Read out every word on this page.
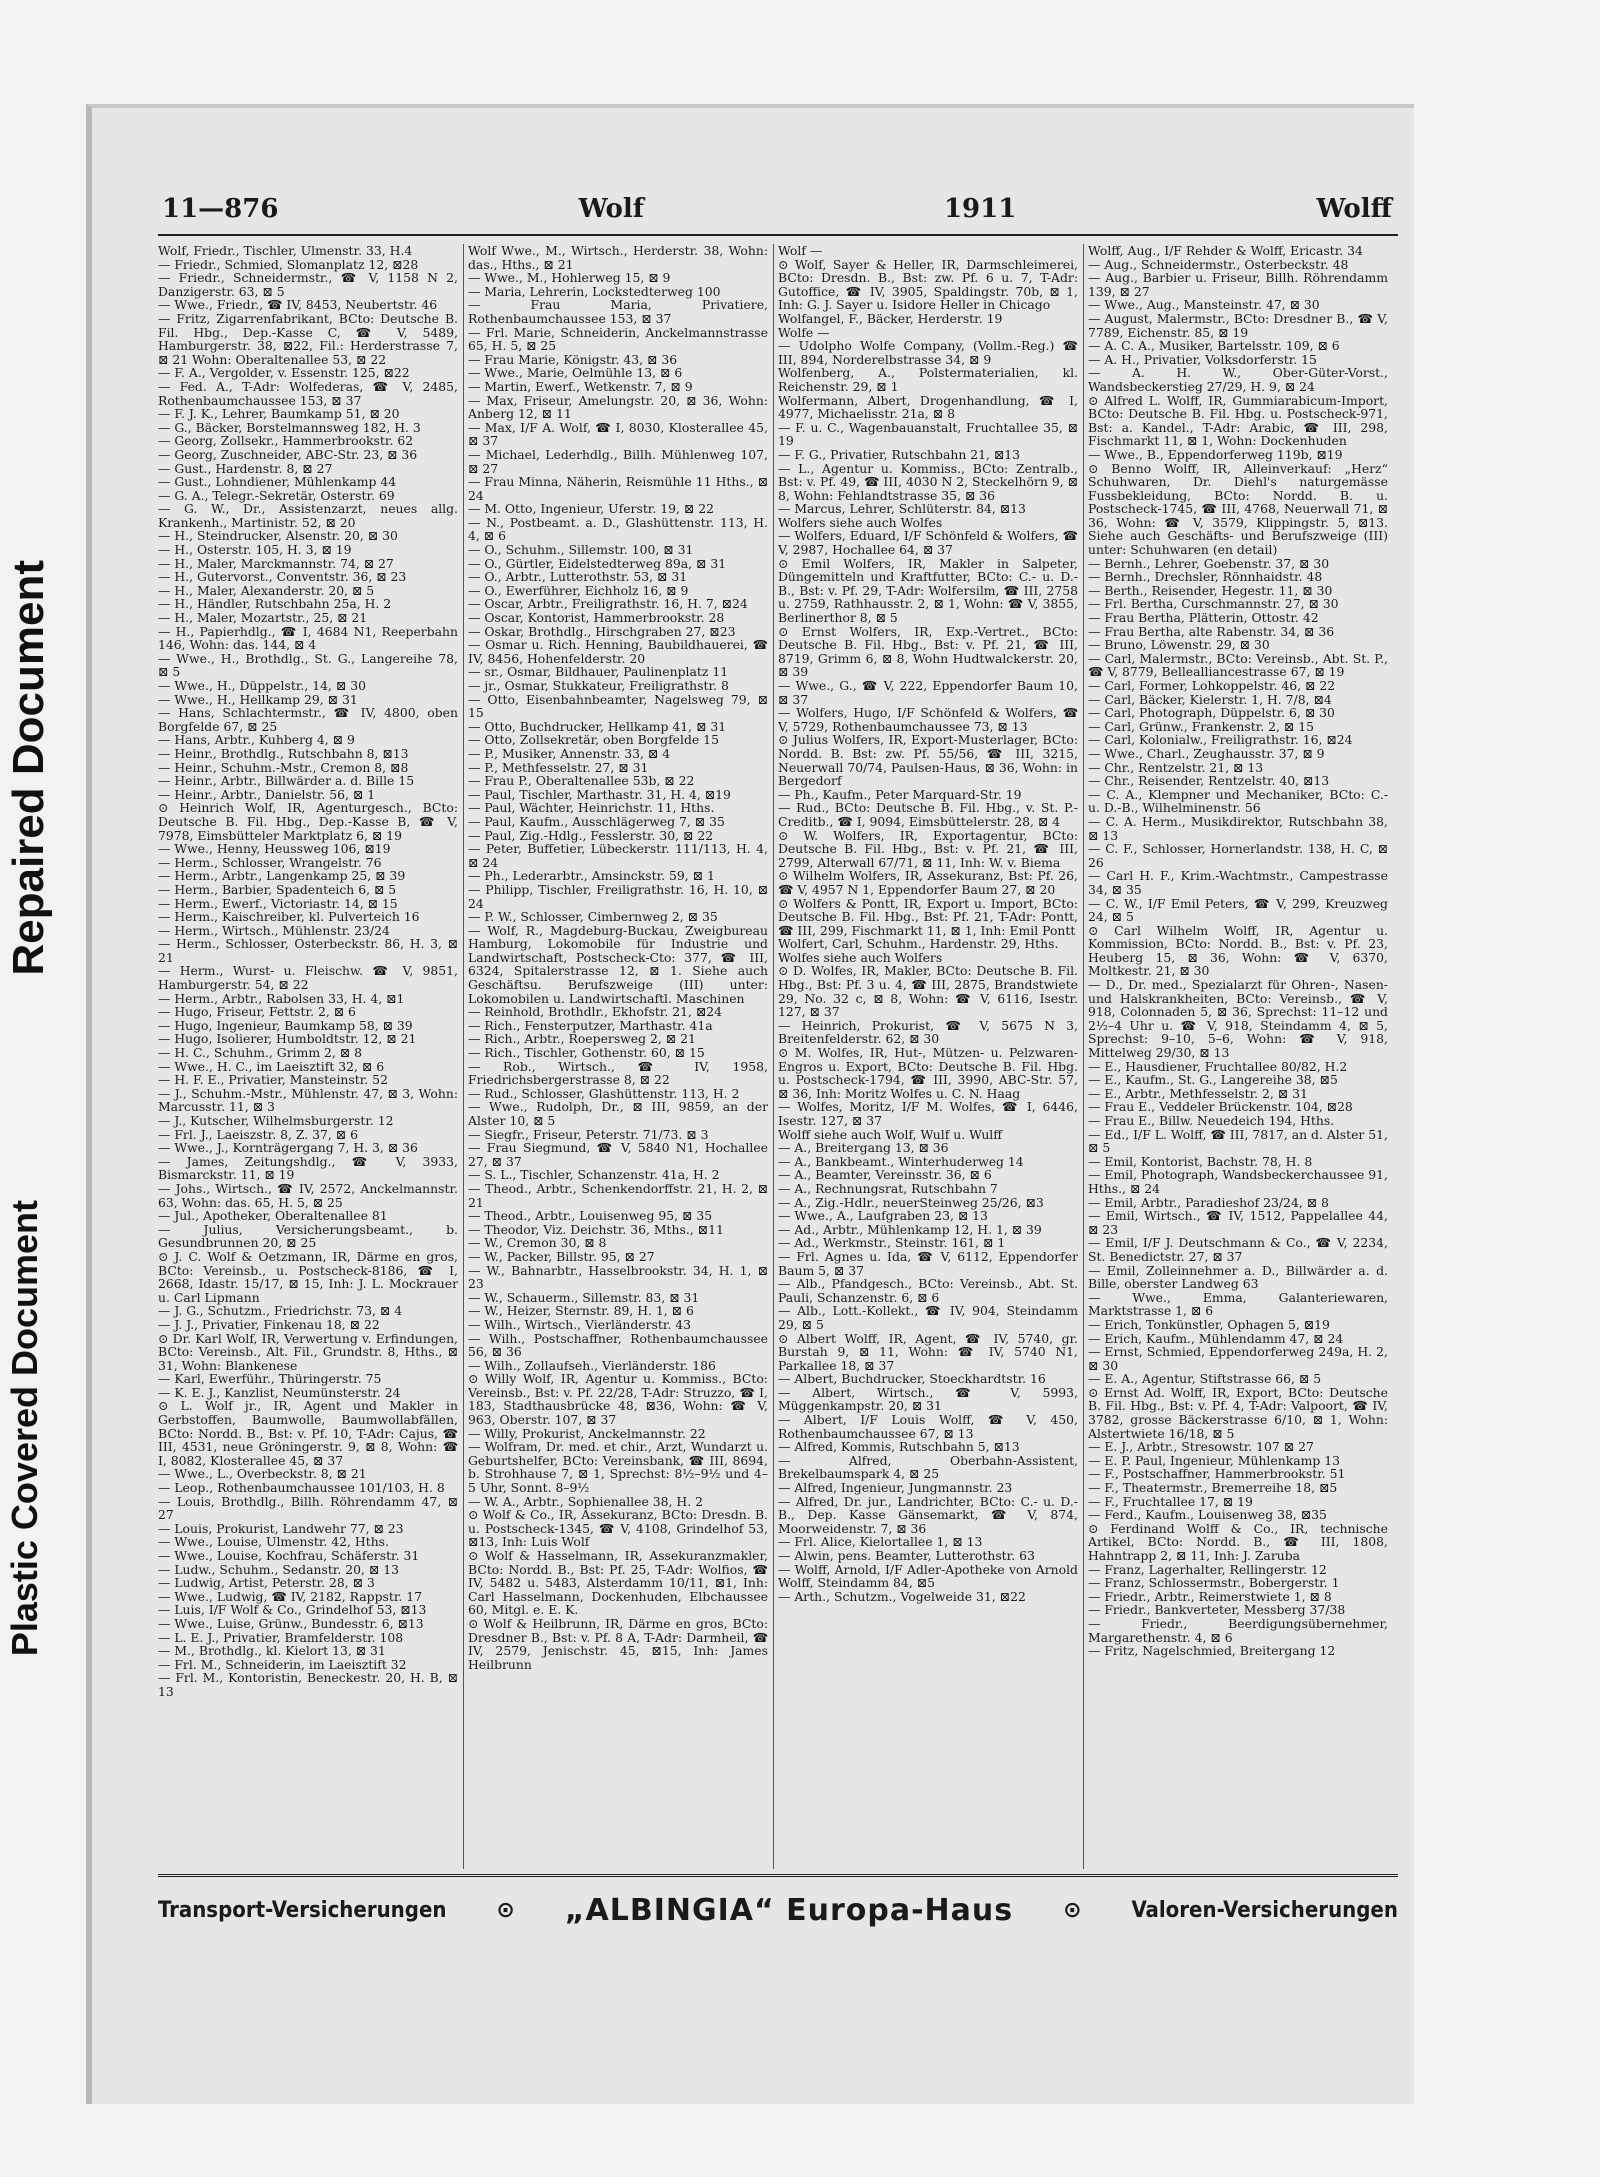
Repaired Document
Plastic Covered Document
11—876	Wolf	1911	Wolff

Wolf, Friedr., Tischler, Ulmenstr. 33, H.4

— Friedr., Schmied, Slomanplatz 12, ⊠28

— Friedr., Schneidermstr., ☎ V, 1158 N 2, Danzigerstr. 63, ⊠ 5

— Wwe., Friedr., ☎ IV, 8453, Neubertstr. 46

— Fritz, Zigarrenfabrikant, BCto: Deutsche B. Fil. Hbg., Dep.-Kasse C, ☎ V, 5489, Hamburgerstr. 38, ⊠22, Fil.: Herderstrasse 7, ⊠ 21 Wohn: Oberaltenallee 53, ⊠ 22

— F. A., Vergolder, v. Essenstr. 125, ⊠22

— Fed. A., T-Adr: Wolfederas, ☎ V, 2485, Rothenbaumchaussee 153, ⊠ 37

— F. J. K., Lehrer, Baumkamp 51, ⊠ 20

— G., Bäcker, Borstelmannsweg 182, H. 3

— Georg, Zollsekr., Hammerbrookstr. 62

— Georg, Zuschneider, ABC-Str. 23, ⊠ 36

— Gust., Hardenstr. 8, ⊠ 27

— Gust., Lohndiener, Mühlenkamp 44

— G. A., Telegr.-Sekretär, Osterstr. 69

— G. W., Dr., Assistenzarzt, neues allg. Krankenh., Martinistr. 52, ⊠ 20

— H., Steindrucker, Alsenstr. 20, ⊠ 30

— H., Osterstr. 105, H. 3, ⊠ 19

— H., Maler, Marckmannstr. 74, ⊠ 27

— H., Gutervorst., Conventstr. 36, ⊠ 23

— H., Maler, Alexanderstr. 20, ⊠ 5

— H., Händler, Rutschbahn 25a, H. 2

— H., Maler, Mozartstr., 25, ⊠ 21

— H., Papierhdlg., ☎ I, 4684 N1, Reeperbahn 146, Wohn: das. 144, ⊠ 4

— Wwe., H., Brothdlg., St. G., Langereihe 78, ⊠ 5

— Wwe., H., Düppelstr., 14, ⊠ 30

— Wwe., H., Hellkamp 29, ⊠ 31

— Hans, Schlachtermstr., ☎ IV, 4800, oben Borgfelde 67, ⊠ 25

— Hans, Arbtr., Kuhberg 4, ⊠ 9

— Heinr., Brothdlg., Rutschbahn 8, ⊠13

— Heinr., Schuhm.-Mstr., Cremon 8, ⊠8

— Heinr., Arbtr., Billwärder a. d. Bille 15

— Heinr., Arbtr., Danielstr. 56, ⊠ 1

⊙ Heinrich Wolf, IR, Agenturgesch., BCto: Deutsche B. Fil. Hbg., Dep.-Kasse B, ☎ V, 7978, Eimsbütteler Marktplatz 6, ⊠ 19

— Wwe., Henny, Heussweg 106, ⊠19

— Herm., Schlosser, Wrangelstr. 76

— Herm., Arbtr., Langenkamp 25, ⊠ 39

— Herm., Barbier, Spadenteich 6, ⊠ 5

— Herm., Ewerf., Victoriastr. 14, ⊠ 15

— Herm., Kaischreiber, kl. Pulverteich 16

— Herm., Wirtsch., Mühlenstr. 23/24

— Herm., Schlosser, Osterbeckstr. 86, H. 3, ⊠ 21

— Herm., Wurst- u. Fleischw. ☎ V, 9851, Hamburgerstr. 54, ⊠ 22

— Herm., Arbtr., Rabolsen 33, H. 4, ⊠1

— Hugo, Friseur, Fettstr. 2, ⊠ 6

— Hugo, Ingenieur, Baumkamp 58, ⊠ 39

— Hugo, Isolierer, Humboldtstr. 12, ⊠ 21

— H. C., Schuhm., Grimm 2, ⊠ 8

— Wwe., H. C., im Laeisztift 32, ⊠ 6

— H. F. E., Privatier, Mansteinstr. 52

— J., Schuhm.-Mstr., Mühlenstr. 47, ⊠ 3, Wohn: Marcusstr. 11, ⊠ 3

— J., Kutscher, Wilhelmsburgerstr. 12

— Frl. J., Laeiszstr. 8, Z. 37, ⊠ 6

— Wwe., J., Kornträgergang 7, H. 3, ⊠ 36

— James, Zeitungshdlg., ☎ V, 3933, Bismarckstr. 11, ⊠ 19

— Johs., Wirtsch., ☎ IV, 2572, Anckelmannstr. 63, Wohn: das. 65, H. 5, ⊠ 25

— Jul., Apotheker, Oberaltenallee 81

— Julius, Versicherungsbeamt., b. Gesundbrunnen 20, ⊠ 25

⊙ J. C. Wolf & Oetzmann, IR, Därme en gros, BCto: Vereinsb., u. Postscheck-8186, ☎ I, 2668, Idastr. 15/17, ⊠ 15, Inh: J. L. Mockrauer u. Carl Lipmann

— J. G., Schutzm., Friedrichstr. 73, ⊠ 4

— J. J., Privatier, Finkenau 18, ⊠ 22

⊙ Dr. Karl Wolf, IR, Verwertung v. Erfindungen, BCto: Vereinsb., Alt. Fil., Grundstr. 8, Hths., ⊠ 31, Wohn: Blankenese

— Karl, Ewerführ., Thüringerstr. 75

— K. E. J., Kanzlist, Neumünsterstr. 24

⊙ L. Wolf jr., IR, Agent und Makler in Gerbstoffen, Baumwolle, Baumwollabfällen, BCto: Nordd. B., Bst: v. Pf. 10, T-Adr: Cajus, ☎ III, 4531, neue Gröningerstr. 9, ⊠ 8, Wohn: ☎ I, 8082, Klosterallee 45, ⊠ 37

— Wwe., L., Overbeckstr. 8, ⊠ 21

— Leop., Rothenbaumchaussee 101/103, H. 8

— Louis, Brothdlg., Billh. Röhrendamm 47, ⊠ 27

— Louis, Prokurist, Landwehr 77, ⊠ 23

— Wwe., Louise, Ulmenstr. 42, Hths.

— Wwe., Louise, Kochfrau, Schäferstr. 31

— Ludw., Schuhm., Sedanstr. 20, ⊠ 13

— Ludwig, Artist, Peterstr. 28, ⊠ 3

— Wwe., Ludwig, ☎ IV, 2182, Rappstr. 17

— Luis, I/F Wolf & Co., Grindelhof 53, ⊠13

— Wwe., Luise, Grünw., Bundesstr. 6, ⊠13

— L. E. J., Privatier, Bramfelderstr. 108

— M., Brothdlg., kl. Kielort 13, ⊠ 31

— Frl. M., Schneiderin, im Laeisztift 32

— Frl. M., Kontoristin, Beneckestr. 20, H. B, ⊠ 13

Wolf Wwe., M., Wirtsch., Herderstr. 38, Wohn: das., Hths., ⊠ 21

— Wwe., M., Hohlerweg 15, ⊠ 9

— Maria, Lehrerin, Lockstedterweg 100

— Frau Maria, Privatiere, Rothenbaumchaussee 153, ⊠ 37

— Frl. Marie, Schneiderin, Anckelmannstrasse 65, H. 5, ⊠ 25

— Frau Marie, Königstr. 43, ⊠ 36

— Wwe., Marie, Oelmühle 13, ⊠ 6

— Martin, Ewerf., Wetkenstr. 7, ⊠ 9

— Max, Friseur, Amelungstr. 20, ⊠ 36, Wohn: Anberg 12, ⊠ 11

— Max, I/F A. Wolf, ☎ I, 8030, Klosterallee 45, ⊠ 37

— Michael, Lederhdlg., Billh. Mühlenweg 107, ⊠ 27

— Frau Minna, Näherin, Reismühle 11 Hths., ⊠ 24

— M. Otto, Ingenieur, Uferstr. 19, ⊠ 22

— N., Postbeamt. a. D., Glashüttenstr. 113, H. 4, ⊠ 6

— O., Schuhm., Sillemstr. 100, ⊠ 31

— O., Gürtler, Eidelstedterweg 89a, ⊠ 31

— O., Arbtr., Lutterothstr. 53, ⊠ 31

— O., Ewerführer, Eichholz 16, ⊠ 9

— Oscar, Arbtr., Freiligrathstr. 16, H. 7, ⊠24

— Oscar, Kontorist, Hammerbrookstr. 28

— Oskar, Brothdlg., Hirschgraben 27, ⊠23

— Osmar u. Rich. Henning, Baubildhauerei, ☎ IV, 8456, Hohenfelderstr. 20

— sr., Osmar, Bildhauer, Paulinenplatz 11

— jr., Osmar, Stukkateur, Freiligrathstr. 8

— Otto, Eisenbahnbeamter, Nagelsweg 79, ⊠ 15

— Otto, Buchdrucker, Hellkamp 41, ⊠ 31

— Otto, Zollsekretär, oben Borgfelde 15

— P., Musiker, Annenstr. 33, ⊠ 4

— P., Methfesselstr. 27, ⊠ 31

— Frau P., Oberaltenallee 53b, ⊠ 22

— Paul, Tischler, Marthastr. 31, H. 4, ⊠19

— Paul, Wächter, Heinrichstr. 11, Hths.

— Paul, Kaufm., Ausschlägerweg 7, ⊠ 35

— Paul, Zig.-Hdlg., Fesslerstr. 30, ⊠ 22

— Peter, Buffetier, Lübeckerstr. 111/113, H. 4, ⊠ 24

— Ph., Lederarbtr., Amsinckstr. 59, ⊠ 1

— Philipp, Tischler, Freiligrathstr. 16, H. 10, ⊠ 24

— P. W., Schlosser, Cimbernweg 2, ⊠ 35

— Wolf, R., Magdeburg-Buckau, Zweigbureau Hamburg, Lokomobile für Industrie und Landwirtschaft, Postscheck-Cto: 377, ☎ III, 6324, Spitalerstrasse 12, ⊠ 1. Siehe auch Geschäftsu. Berufszweige (III) unter: Lokomobilen u. Landwirtschaftl. Maschinen

— Reinhold, Brothdlr., Ekhofstr. 21, ⊠24

— Rich., Fensterputzer, Marthastr. 41a

— Rich., Arbtr., Roepersweg 2, ⊠ 21

— Rich., Tischler, Gothenstr. 60, ⊠ 15

— Rob., Wirtsch., ☎ IV, 1958, Friedrichsbergerstrasse 8, ⊠ 22

— Rud., Schlosser, Glashüttenstr. 113, H. 2

— Wwe., Rudolph, Dr., ⊠ III, 9859, an der Alster 10, ⊠ 5

— Siegfr., Friseur, Peterstr. 71/73. ⊠ 3

— Frau Siegmund, ☎ V, 5840 N1, Hochallee 27, ⊠ 37

— S. L., Tischler, Schanzenstr. 41a, H. 2

— Theod., Arbtr., Schenkendorffstr. 21, H. 2, ⊠ 21

— Theod., Arbtr., Louisenweg 95, ⊠ 35

— Theodor, Viz. Deichstr. 36, Mths., ⊠11

— W., Cremon 30, ⊠ 8

— W., Packer, Billstr. 95, ⊠ 27

— W., Bahnarbtr., Hasselbrookstr. 34, H. 1, ⊠ 23

— W., Schauerm., Sillemstr. 83, ⊠ 31

— W., Heizer, Sternstr. 89, H. 1, ⊠ 6

— Wilh., Wirtsch., Vierländerstr. 43

— Wilh., Postschaffner, Rothenbaumchaussee 56, ⊠ 36

— Wilh., Zollaufseh., Vierländerstr. 186

⊙ Willy Wolf, IR, Agentur u. Kommiss., BCto: Vereinsb., Bst: v. Pf. 22/28, T-Adr: Struzzo, ☎ I, 183, Stadthausbrücke 48, ⊠36, Wohn: ☎ V, 963, Oberstr. 107, ⊠ 37

— Willy, Prokurist, Anckelmannstr. 22

— Wolfram, Dr. med. et chir., Arzt, Wundarzt u. Geburtshelfer, BCto: Vereinsbank, ☎ III, 8694, b. Strohhause 7, ⊠ 1, Sprechst: 8½–9½ und 4–5 Uhr, Sonnt. 8–9½

— W. A., Arbtr., Sophienallee 38, H. 2

⊙ Wolf & Co., IR, Assekuranz, BCto: Dresdn. B. u. Postscheck-1345, ☎ V, 4108, Grindelhof 53, ⊠13, Inh: Luis Wolf

⊙ Wolf & Hasselmann, IR, Assekuranzmakler, BCto: Nordd. B., Bst: Pf. 25, T-Adr: Wolfios, ☎ IV, 5482 u. 5483, Alsterdamm 10/11, ⊠1, Inh: Carl Hasselmann, Dockenhuden, Elbchaussee 60, Mitgl. e. E. K.

⊙ Wolf & Heilbrunn, IR, Därme en gros, BCto: Dresdner B., Bst: v. Pf. 8 A, T-Adr: Darmheil, ☎ IV, 2579, Jenischstr. 45, ⊠15, Inh: James Heilbrunn

Wolf —

⊙ Wolf, Sayer & Heller, IR, Darmschleimerei, BCto: Dresdn. B., Bst: zw. Pf. 6 u. 7, T-Adr: Gutoffice, ☎ IV, 3905, Spaldingstr. 70b, ⊠ 1, Inh: G. J. Sayer u. Isidore Heller in Chicago

Wolfangel, F., Bäcker, Herderstr. 19

Wolfe —

— Udolpho Wolfe Company, (Vollm.-Reg.) ☎ III, 894, Norderelbstrasse 34, ⊠ 9

Wolfenberg, A., Polstermaterialien, kl. Reichenstr. 29, ⊠ 1

Wolfermann, Albert, Drogenhandlung, ☎ I, 4977, Michaelisstr. 21a, ⊠ 8

— F. u. C., Wagenbauanstalt, Fruchtallee 35, ⊠ 19

— F. G., Privatier, Rutschbahn 21, ⊠13

— L., Agentur u. Kommiss., BCto: Zentralb., Bst: v. Pf. 49, ☎ III, 4030 N 2, Steckelhörn 9, ⊠ 8, Wohn: Fehlandtstrasse 35, ⊠ 36

— Marcus, Lehrer, Schlüterstr. 84, ⊠13

Wolfers siehe auch Wolfes

— Wolfers, Eduard, I/F Schönfeld & Wolfers, ☎ V, 2987, Hochallee 64, ⊠ 37

⊙ Emil Wolfers, IR, Makler in Salpeter, Düngemitteln und Kraftfutter, BCto: C.- u. D.-B., Bst: v. Pf. 29, T-Adr: Wolfersilm, ☎ III, 2758 u. 2759, Rathhausstr. 2, ⊠ 1, Wohn: ☎ V, 3855, Berlinerthor 8, ⊠ 5

⊙ Ernst Wolfers, IR, Exp.-Vertret., BCto: Deutsche B. Fil. Hbg., Bst: v. Pf. 21, ☎ III, 8719, Grimm 6, ⊠ 8, Wohn Hudtwalckerstr. 20, ⊠ 39

— Wwe., G., ☎ V, 222, Eppendorfer Baum 10, ⊠ 37

— Wolfers, Hugo, I/F Schönfeld & Wolfers, ☎ V, 5729, Rothenbaumchaussee 73, ⊠ 13

⊙ Julius Wolfers, IR, Export-Musterlager, BCto: Nordd. B. Bst: zw. Pf. 55/56, ☎ III, 3215, Neuerwall 70/74, Paulsen-Haus, ⊠ 36, Wohn: in Bergedorf

— Ph., Kaufm., Peter Marquard-Str. 19

— Rud., BCto: Deutsche B. Fil. Hbg., v. St. P.-Creditb., ☎ I, 9094, Eimsbüttelerstr. 28, ⊠ 4

⊙ W. Wolfers, IR, Exportagentur, BCto: Deutsche B. Fil. Hbg., Bst: v. Pf. 21, ☎ III, 2799, Alterwall 67/71, ⊠ 11, Inh: W. v. Biema

⊙ Wilhelm Wolfers, IR, Assekuranz, Bst: Pf. 26, ☎ V, 4957 N 1, Eppendorfer Baum 27, ⊠ 20

⊙ Wolfers & Pontt, IR, Export u. Import, BCto: Deutsche B. Fil. Hbg., Bst: Pf. 21, T-Adr: Pontt, ☎ III, 299, Fischmarkt 11, ⊠ 1, Inh: Emil Pontt

Wolfert, Carl, Schuhm., Hardenstr. 29, Hths.

Wolfes siehe auch Wolfers

⊙ D. Wolfes, IR, Makler, BCto: Deutsche B. Fil. Hbg., Bst: Pf. 3 u. 4, ☎ III, 2875, Brandstwiete 29, No. 32 c, ⊠ 8, Wohn: ☎ V, 6116, Isestr. 127, ⊠ 37

— Heinrich, Prokurist, ☎ V, 5675 N 3, Breitenfelderstr. 62, ⊠ 30

⊙ M. Wolfes, IR, Hut-, Mützen- u. Pelzwaren-Engros u. Export, BCto: Deutsche B. Fil. Hbg. u. Postscheck-1794, ☎ III, 3990, ABC-Str. 57, ⊠ 36, Inh: Moritz Wolfes u. C. N. Haag

— Wolfes, Moritz, I/F M. Wolfes, ☎ I, 6446, Isestr. 127, ⊠ 37

Wolff siehe auch Wolf, Wulf u. Wulff

— A., Breitergang 13, ⊠ 36

— A., Bankbeamt., Winterhuderweg 14

— A., Beamter, Vereinsstr. 36, ⊠ 6

— A., Rechnungsrat, Rutschbahn 7

— A., Zig.-Hdlr., neuerSteinweg 25/26, ⊠3

— Wwe., A., Laufgraben 23, ⊠ 13

— Ad., Arbtr., Mühlenkamp 12, H. 1, ⊠ 39

— Ad., Werkmstr., Steinstr. 161, ⊠ 1

— Frl. Agnes u. Ida, ☎ V, 6112, Eppendorfer Baum 5, ⊠ 37

— Alb., Pfandgesch., BCto: Vereinsb., Abt. St. Pauli, Schanzenstr. 6, ⊠ 6

— Alb., Lott.-Kollekt., ☎ IV, 904, Steindamm 29, ⊠ 5

⊙ Albert Wolff, IR, Agent, ☎ IV, 5740, gr. Burstah 9, ⊠ 11, Wohn: ☎ IV, 5740 N1, Parkallee 18, ⊠ 37

— Albert, Buchdrucker, Stoeckhardtstr. 16

— Albert, Wirtsch., ☎ V, 5993, Müggenkampstr. 20, ⊠ 31

— Albert, I/F Louis Wolff, ☎ V, 450, Rothenbaumchaussee 67, ⊠ 13

— Alfred, Kommis, Rutschbahn 5, ⊠13

— Alfred, Oberbahn-Assistent, Brekelbaumspark 4, ⊠ 25

— Alfred, Ingenieur, Jungmannstr. 23

— Alfred, Dr. jur., Landrichter, BCto: C.- u. D.-B., Dep. Kasse Gänsemarkt, ☎ V, 874, Moorweidenstr. 7, ⊠ 36

— Frl. Alice, Kielortallee 1, ⊠ 13

— Alwin, pens. Beamter, Lutterothstr. 63

— Wolff, Arnold, I/F Adler-Apotheke von Arnold Wolff, Steindamm 84, ⊠5

— Arth., Schutzm., Vogelweide 31, ⊠22

Wolff, Aug., I/F Rehder & Wolff, Ericastr. 34

— Aug., Schneidermstr., Osterbeckstr. 48

— Aug., Barbier u. Friseur, Billh. Röhrendamm 139, ⊠ 27

— Wwe., Aug., Mansteinstr. 47, ⊠ 30

— August, Malermstr., BCto: Dresdner B., ☎ V, 7789, Eichenstr. 85, ⊠ 19

— A. C. A., Musiker, Bartelsstr. 109, ⊠ 6

— A. H., Privatier, Volksdorferstr. 15

— A. H. W., Ober-Güter-Vorst., Wandsbeckerstieg 27/29, H. 9, ⊠ 24

⊙ Alfred L. Wolff, IR, Gummiarabicum-Import, BCto: Deutsche B. Fil. Hbg. u. Postscheck-971, Bst: a. Kandel., T-Adr: Arabic, ☎ III, 298, Fischmarkt 11, ⊠ 1, Wohn: Dockenhuden

— Wwe., B., Eppendorferweg 119b, ⊠19

⊙ Benno Wolff, IR, Alleinverkauf: „Herz“ Schuhwaren, Dr. Diehl's naturgemässe Fussbekleidung, BCto: Nordd. B. u. Postscheck-1745, ☎ III, 4768, Neuerwall 71, ⊠ 36, Wohn: ☎ V, 3579, Klippingstr. 5, ⊠13. Siehe auch Geschäfts- und Berufszweige (III) unter: Schuhwaren (en detail)

— Bernh., Lehrer, Goebenstr. 37, ⊠ 30

— Bernh., Drechsler, Rönnhaidstr. 48

— Berth., Reisender, Hegestr. 11, ⊠ 30

— Frl. Bertha, Curschmannstr. 27, ⊠ 30

— Frau Bertha, Plätterin, Ottostr. 42

— Frau Bertha, alte Rabenstr. 34, ⊠ 36

— Bruno, Löwenstr. 29, ⊠ 30

— Carl, Malermstr., BCto: Vereinsb., Abt. St. P., ☎ V, 8779, Bellealliancestrasse 67, ⊠ 19

— Carl, Former, Lohkoppelstr. 46, ⊠ 22

— Carl, Bäcker, Kielerstr. 1, H. 7/8, ⊠4

— Carl, Photograph, Düppelstr. 6, ⊠ 30

— Carl, Grünw., Frankenstr. 2, ⊠ 15

— Carl, Kolonialw., Freiligrathstr. 16, ⊠24

— Wwe., Charl., Zeughausstr. 37, ⊠ 9

— Chr., Rentzelstr. 21, ⊠ 13

— Chr., Reisender, Rentzelstr. 40, ⊠13

— C. A., Klempner und Mechaniker, BCto: C.- u. D.-B., Wilhelminenstr. 56

— C. A. Herm., Musikdirektor, Rutschbahn 38, ⊠ 13

— C. F., Schlosser, Hornerlandstr. 138, H. C, ⊠ 26

— Carl H. F., Krim.-Wachtmstr., Campestrasse 34, ⊠ 35

— C. W., I/F Emil Peters, ☎ V, 299, Kreuzweg 24, ⊠ 5

⊙ Carl Wilhelm Wolff, IR, Agentur u. Kommission, BCto: Nordd. B., Bst: v. Pf. 23, Heuberg 15, ⊠ 36, Wohn: ☎ V, 6370, Moltkestr. 21, ⊠ 30

— D., Dr. med., Spezialarzt für Ohren-, Nasen- und Halskrankheiten, BCto: Vereinsb., ☎ V, 918, Colonnaden 5, ⊠ 36, Sprechst: 11–12 und 2½–4 Uhr u. ☎ V, 918, Steindamm 4, ⊠ 5, Sprechst: 9–10, 5–6, Wohn: ☎ V, 918, Mittelweg 29/30, ⊠ 13

— E., Hausdiener, Fruchtallee 80/82, H.2

— E., Kaufm., St. G., Langereihe 38, ⊠5

— E., Arbtr., Methfesselstr. 2, ⊠ 31

— Frau E., Veddeler Brückenstr. 104, ⊠28

— Frau E., Billw. Neuedeich 194, Hths.

— Ed., I/F L. Wolff, ☎ III, 7817, an d. Alster 51, ⊠ 5

— Emil, Kontorist, Bachstr. 78, H. 8

— Emil, Photograph, Wandsbeckerchaussee 91, Hths., ⊠ 24

— Emil, Arbtr., Paradieshof 23/24, ⊠ 8

— Emil, Wirtsch., ☎ IV, 1512, Pappelallee 44, ⊠ 23

— Emil, I/F J. Deutschmann & Co., ☎ V, 2234, St. Benedictstr. 27, ⊠ 37

— Emil, Zolleinnehmer a. D., Billwärder a. d. Bille, oberster Landweg 63

— Wwe., Emma, Galanteriewaren, Marktstrasse 1, ⊠ 6

— Erich, Tonkünstler, Ophagen 5, ⊠19

— Erich, Kaufm., Mühlendamm 47, ⊠ 24

— Ernst, Schmied, Eppendorferweg 249a, H. 2, ⊠ 30

— E. A., Agentur, Stiftstrasse 66, ⊠ 5

⊙ Ernst Ad. Wolff, IR, Export, BCto: Deutsche B. Fil. Hbg., Bst: v. Pf. 4, T-Adr: Valpoort, ☎ IV, 3782, grosse Bäckerstrasse 6/10, ⊠ 1, Wohn: Alstertwiete 16/18, ⊠ 5

— E. J., Arbtr., Stresowstr. 107 ⊠ 27

— E. P. Paul, Ingenieur, Mühlenkamp 13

— F., Postschaffner, Hammerbrookstr. 51

— F., Theatermstr., Bremerreihe 18, ⊠5

— F., Fruchtallee 17, ⊠ 19

— Ferd., Kaufm., Louisenweg 38, ⊠35

⊙ Ferdinand Wolff & Co., IR, technische Artikel, BCto: Nordd. B., ☎ III, 1808, Hahntrapp 2, ⊠ 11, Inh: J. Zaruba

— Franz, Lagerhalter, Rellingerstr. 12

— Franz, Schlossermstr., Bobergerstr. 1

— Friedr., Arbtr., Reimerstwiete 1, ⊠ 8

— Friedr., Bankverteter, Messberg 37/38

— Friedr., Beerdigungsübernehmer, Margarethenstr. 4, ⊠ 6

— Fritz, Nagelschmied, Breitergang 12

Transport-Versicherungen ⊙ „ALBINGIA“ Europa-Haus ⊙ Valoren-Versicherungen
